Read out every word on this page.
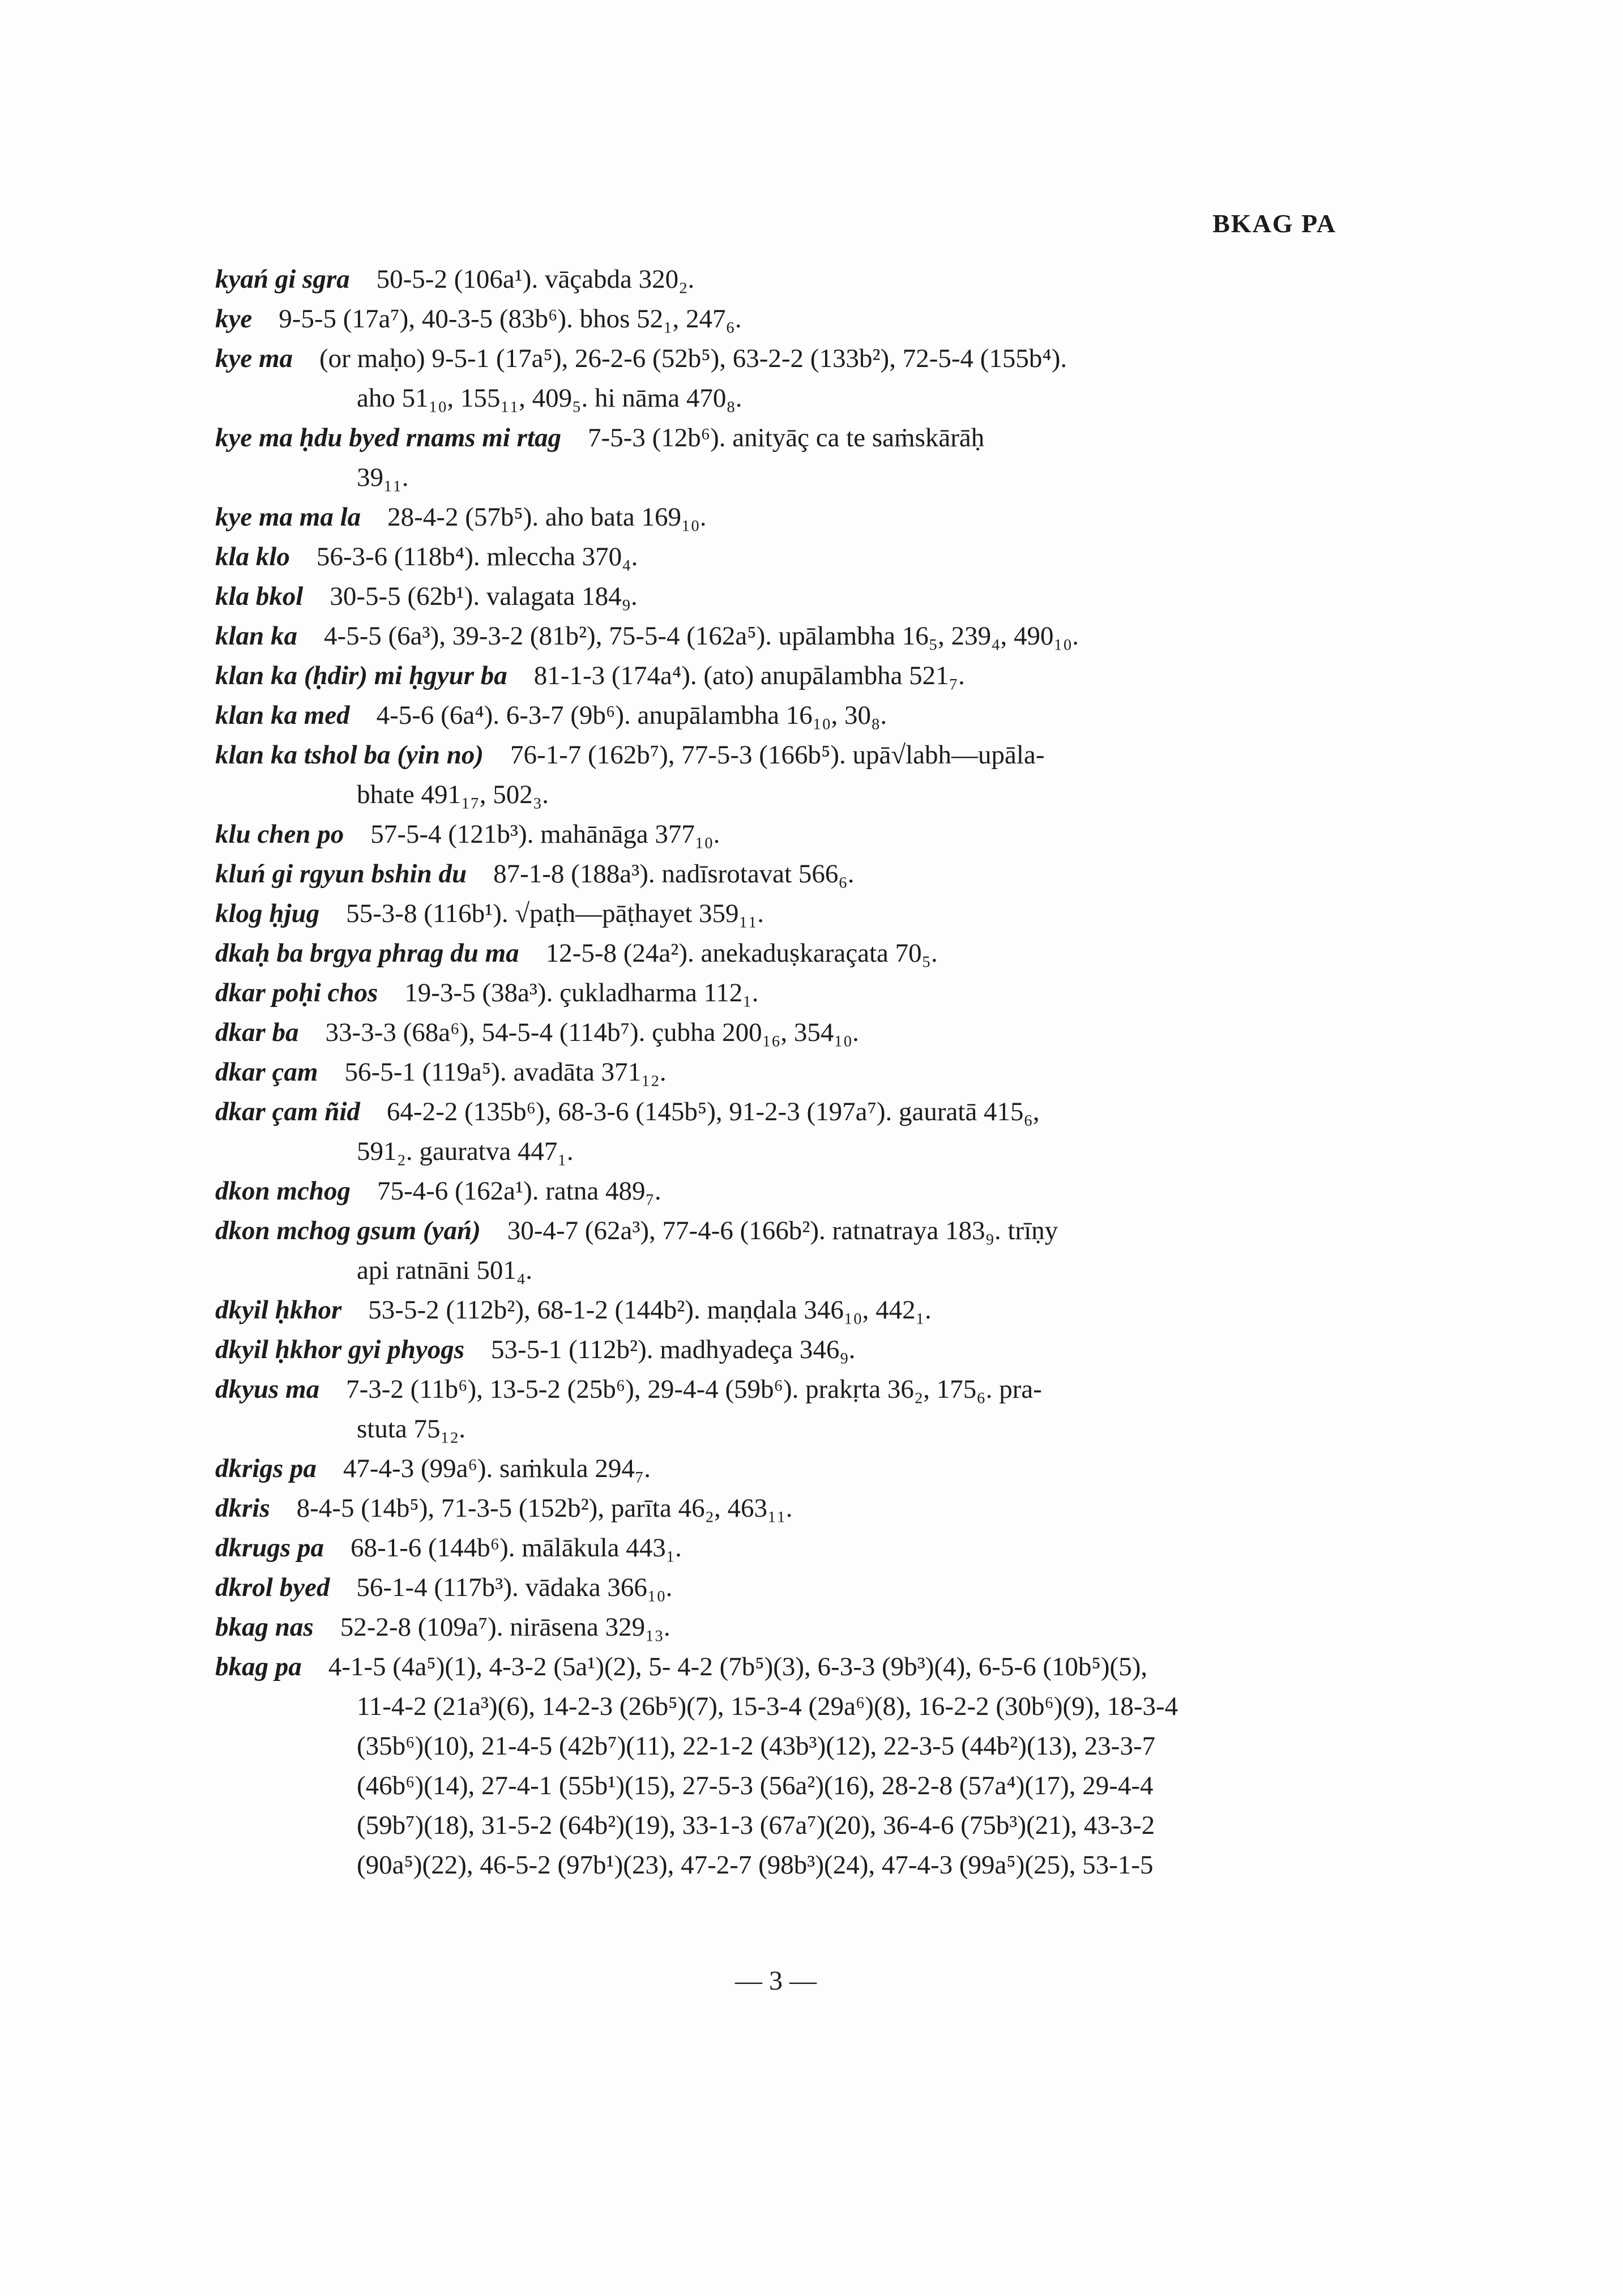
BKAG PA
kyań gi sgra  50-5-2 (106a¹). vāçabda 320₂.
kye  9-5-5 (17a⁷), 40-3-5 (83b⁶). bhos 52₁, 247₆.
kye ma  (or maḥo) 9-5-1 (17a⁵), 26-2-6 (52b⁵), 63-2-2 (133b²), 72-5-4 (155b⁴).
aho 51₁₀, 155₁₁, 409₅. hi nāma 470₈.
kye ma ḥdu byed rnams mi rtag  7-5-3 (12b⁶). anityāç ca te saṁskārāḥ
39₁₁.
kye ma ma la  28-4-2 (57b⁵). aho bata 169₁₀.
kla klo  56-3-6 (118b⁴). mleccha 370₄.
kla bkol  30-5-5 (62b¹). valagata 184₉.
klan ka  4-5-5 (6a³), 39-3-2 (81b²), 75-5-4 (162a⁵). upālambha 16₅, 239₄, 490₁₀.
klan ka (ḥdir) mi ḥgyur ba  81-1-3 (174a⁴). (ato) anupālambha 521₇.
klan ka med  4-5-6 (6a⁴). 6-3-7 (9b⁶). anupālambha 16₁₀, 30₈.
klan ka tshol ba (yin no)  76-1-7 (162b⁷), 77-5-3 (166b⁵). upā√labh—upāla-
bhate 491₁₇, 502₃.
klu chen po  57-5-4 (121b³). mahānāga 377₁₀.
kluń gi rgyun bshin du  87-1-8 (188a³). nadīsrotavat 566₆.
klog ḥjug  55-3-8 (116b¹). √paṭh—pāṭhayet 359₁₁.
dkaḥ ba brgya phrag du ma  12-5-8 (24a²). anekaduṣkaraçata 70₅.
dkar poḥi chos  19-3-5 (38a³). çukladharma 112₁.
dkar ba  33-3-3 (68a⁶), 54-5-4 (114b⁷). çubha 200₁₆, 354₁₀.
dkar çam  56-5-1 (119a⁵). avadāta 371₁₂.
dkar çam ñid  64-2-2 (135b⁶), 68-3-6 (145b⁵), 91-2-3 (197a⁷). gauratā 415₆,
591₂. gauratva 447₁.
dkon mchog  75-4-6 (162a¹). ratna 489₇.
dkon mchog gsum (yań)  30-4-7 (62a³), 77-4-6 (166b²). ratnatraya 183₉. trīṇy
api ratnāni 501₄.
dkyil ḥkhor  53-5-2 (112b²), 68-1-2 (144b²). maṇḍala 346₁₀, 442₁.
dkyil ḥkhor gyi phyogs  53-5-1 (112b²). madhyadeça 346₉.
dkyus ma  7-3-2 (11b⁶), 13-5-2 (25b⁶), 29-4-4 (59b⁶). prakṛta 36₂, 175₆. pra-
stuta 75₁₂.
dkrigs pa  47-4-3 (99a⁶). saṁkula 294₇.
dkris  8-4-5 (14b⁵), 71-3-5 (152b²), parīta 46₂, 463₁₁.
dkrugs pa  68-1-6 (144b⁶). mālākula 443₁.
dkrol byed  56-1-4 (117b³). vādaka 366₁₀.
bkag nas  52-2-8 (109a⁷). nirāsena 329₁₃.
bkag pa  4-1-5 (4a⁵)(1), 4-3-2 (5a¹)(2), 5- 4-2 (7b⁵)(3), 6-3-3 (9b³)(4), 6-5-6 (10b⁵)(5),
11-4-2 (21a³)(6), 14-2-3 (26b⁵)(7), 15-3-4 (29a⁶)(8), 16-2-2 (30b⁶)(9), 18-3-4
(35b⁶)(10), 21-4-5 (42b⁷)(11), 22-1-2 (43b³)(12), 22-3-5 (44b²)(13), 23-3-7
(46b⁶)(14), 27-4-1 (55b¹)(15), 27-5-3 (56a²)(16), 28-2-8 (57a⁴)(17), 29-4-4
(59b⁷)(18), 31-5-2 (64b²)(19), 33-1-3 (67a⁷)(20), 36-4-6 (75b³)(21), 43-3-2
(90a⁵)(22), 46-5-2 (97b¹)(23), 47-2-7 (98b³)(24), 47-4-3 (99a⁵)(25), 53-1-5
— 3 —
